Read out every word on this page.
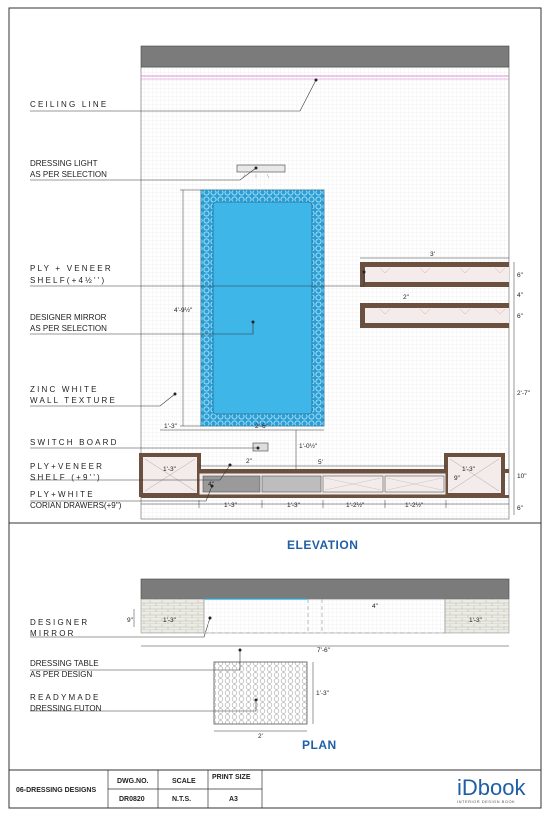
CEILING LINE
DRESSING LIGHT
AS PER SELECTION
PLY + VENEER
SHELF(+4½'')
DESIGNER MIRROR
AS PER SELECTION
ZINC WHITE
WALL TEXTURE
SWITCH BOARD
PLY+VENEER
SHELF (+9'')
PLY+WHITE
CORIAN DRAWERS(+9'')
3'
6"
4"
6"
2'-7"
10"
6"
2"
4'-9½"
2'-6"
1'-3"
1'-0½"
5'
2"
4"
1'-3"	1'-3"
9"
1'-3"	1'-3"	1'-2½"	1'-2½"
ELEVATION
DESIGNER
MIRROR
DRESSING TABLE
AS PER DESIGN
READYMADE
DRESSING FUTON
1'-3"	1'-3"
9"
7'-6"
4"
2'
1'-3"
PLAN
06-DRESSING DESIGNS
DWG.NO.
DR0820
SCALE
N.T.S.
PRINT SIZE
A3	iDbook
INTERIOR DESIGN BOOK
